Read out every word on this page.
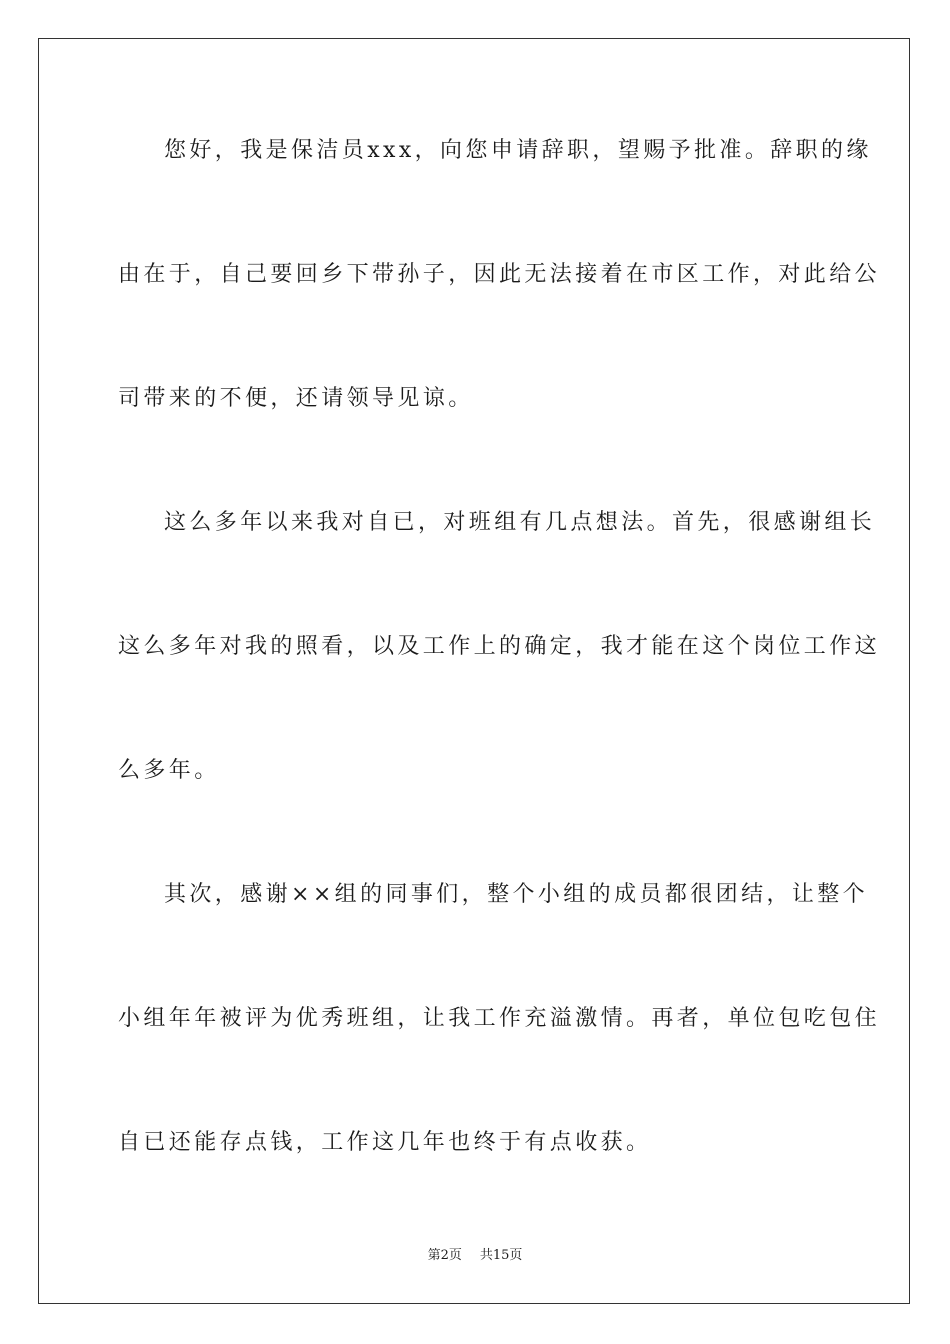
您好，我是保洁员xxx，向您申请辞职，望赐予批准。辞职的缘
由在于，自己要回乡下带孙子，因此无法接着在市区工作，对此给公
司带来的不便，还请领导见谅。
这么多年以来我对自已，对班组有几点想法。首先，很感谢组长
这么多年对我的照看，以及工作上的确定，我才能在这个岗位工作这
么多年。
其次，感谢××组的同事们，整个小组的成员都很团结，让整个
小组年年被评为优秀班组，让我工作充溢激情。再者，单位包吃包住
自已还能存点钱，工作这几年也终于有点收获。
第2页 共15页
